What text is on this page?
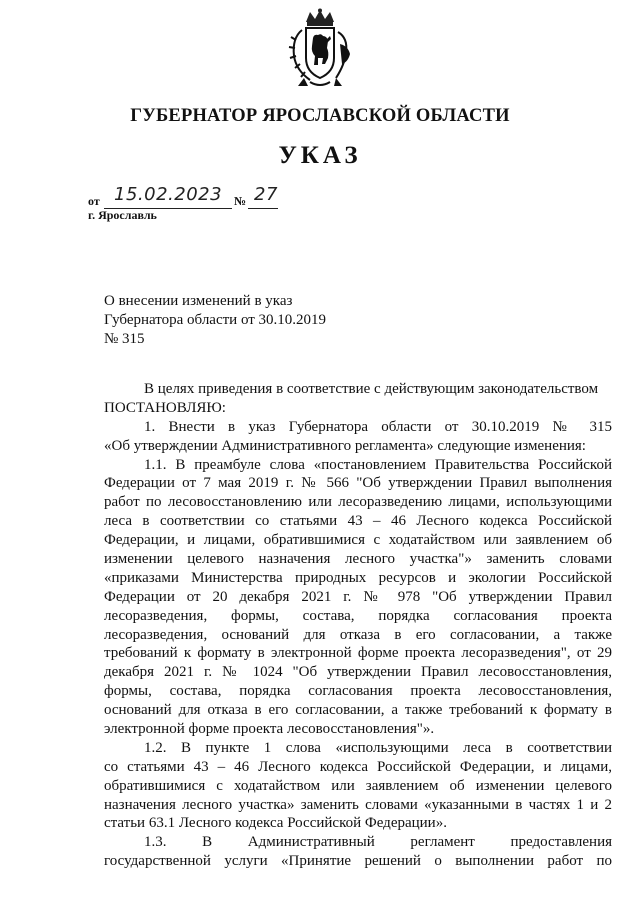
ГУБЕРНАТОР ЯРОСЛАВСКОЙ ОБЛАСТИ
УКАЗ
от 15.02.2023 № 27
г. Ярославль
О внесении изменений в указ
Губернатора области от 30.10.2019
№ 315
В целях приведения в соответствие с действующим законодательством
ПОСТАНОВЛЯЮ:
1. Внести в указ Губернатора области от 30.10.2019 № 315
«Об утверждении Административного регламента» следующие изменения:
1.1. В преамбуле слова «постановлением Правительства Российской
Федерации от 7 мая 2019 г. № 566 "Об утверждении Правил выполнения
работ по лесовосстановлению или лесоразведению лицами, использующими
леса в соответствии со статьями 43 – 46 Лесного кодекса Российской
Федерации, и лицами, обратившимися с ходатайством или заявлением об
изменении целевого назначения лесного участка"» заменить словами
«приказами Министерства природных ресурсов и экологии Российской
Федерации от 20 декабря 2021 г. № 978 "Об утверждении Правил
лесоразведения, формы, состава, порядка согласования проекта
лесоразведения, оснований для отказа в его согласовании, а также
требований к формату в электронной форме проекта лесоразведения", от 29
декабря 2021 г. № 1024 "Об утверждении Правил лесовосстановления,
формы, состава, порядка согласования проекта лесовосстановления,
оснований для отказа в его согласовании, а также требований к формату в
электронной форме проекта лесовосстановления"».
1.2. В пункте 1 слова «использующими леса в соответствии
со статьями 43 – 46 Лесного кодекса Российской Федерации, и лицами,
обратившимися с ходатайством или заявлением об изменении целевого
назначения лесного участка» заменить словами «указанными в частях 1 и 2
статьи 63.1 Лесного кодекса Российской Федерации».
1.3. В Административный регламент предоставления
государственной услуги «Принятие решений о выполнении работ по
